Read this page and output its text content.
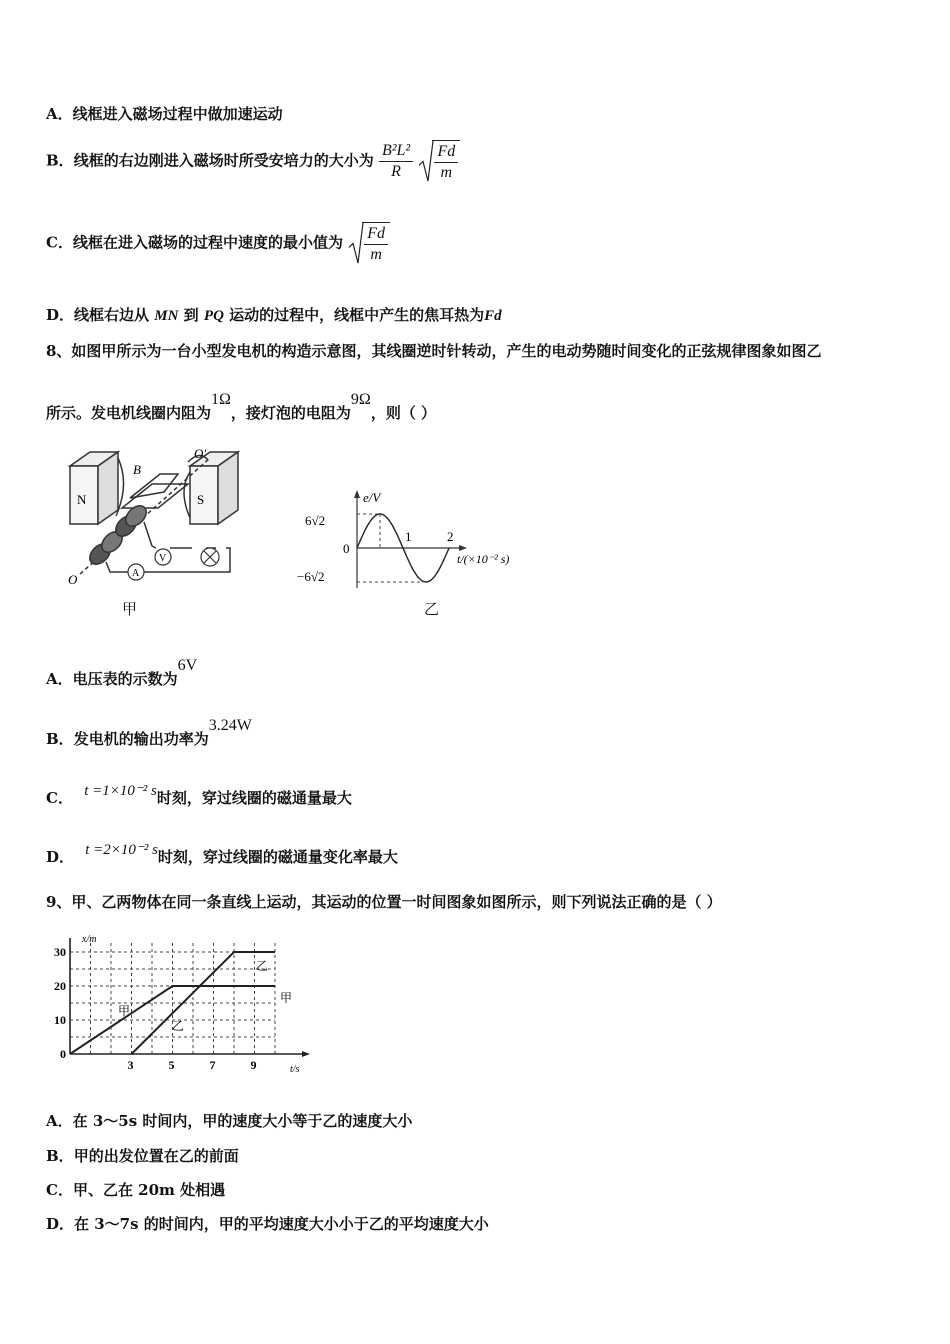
A．线框进入磁场过程中做加速运动
B．线框的右边刚进入磁场时所受安培力的大小为 $\frac{\text{B²L²}}{R}$
$\frac{Fd}{m}$
C．线框在进入磁场的过程中速度的最小值为 $\frac{Fd}{m}$
D．线框右边从 MN 到 PQ 运动的过程中，线框中产生的焦耳热为Fd
8、如图甲所示为一台小型发电机的构造示意图，其线圈逆时针转动，产生的电动势随时间变化的正弦规律图象如图乙
所示。发电机线圈内阻为1Ω，接灯泡的电阻为9Ω，则（ ）
N	S
B
O
O′
V
A
甲
e/V
6√2
−6√2
0
1	2
t/(×10⁻² s)
乙
A．电压表的示数为6V
B．发电机的输出功率为3.24W
C． t =1×10⁻² s时刻，穿过线圈的磁通量最大
D． t =2×10⁻² s时刻，穿过线圈的磁通量变化率最大
9、甲、乙两物体在同一条直线上运动，其运动的位置一时间图象如图所示，则下列说法正确的是（ ）
0
10
20
30
3	5	7	9
x/m
t/s
甲
乙
甲
乙
A．在 3～5s 时间内，甲的速度大小等于乙的速度大小
B．甲的出发位置在乙的前面
C．甲、乙在 20m 处相遇
D．在 3～7s 的时间内，甲的平均速度大小小于乙的平均速度大小
